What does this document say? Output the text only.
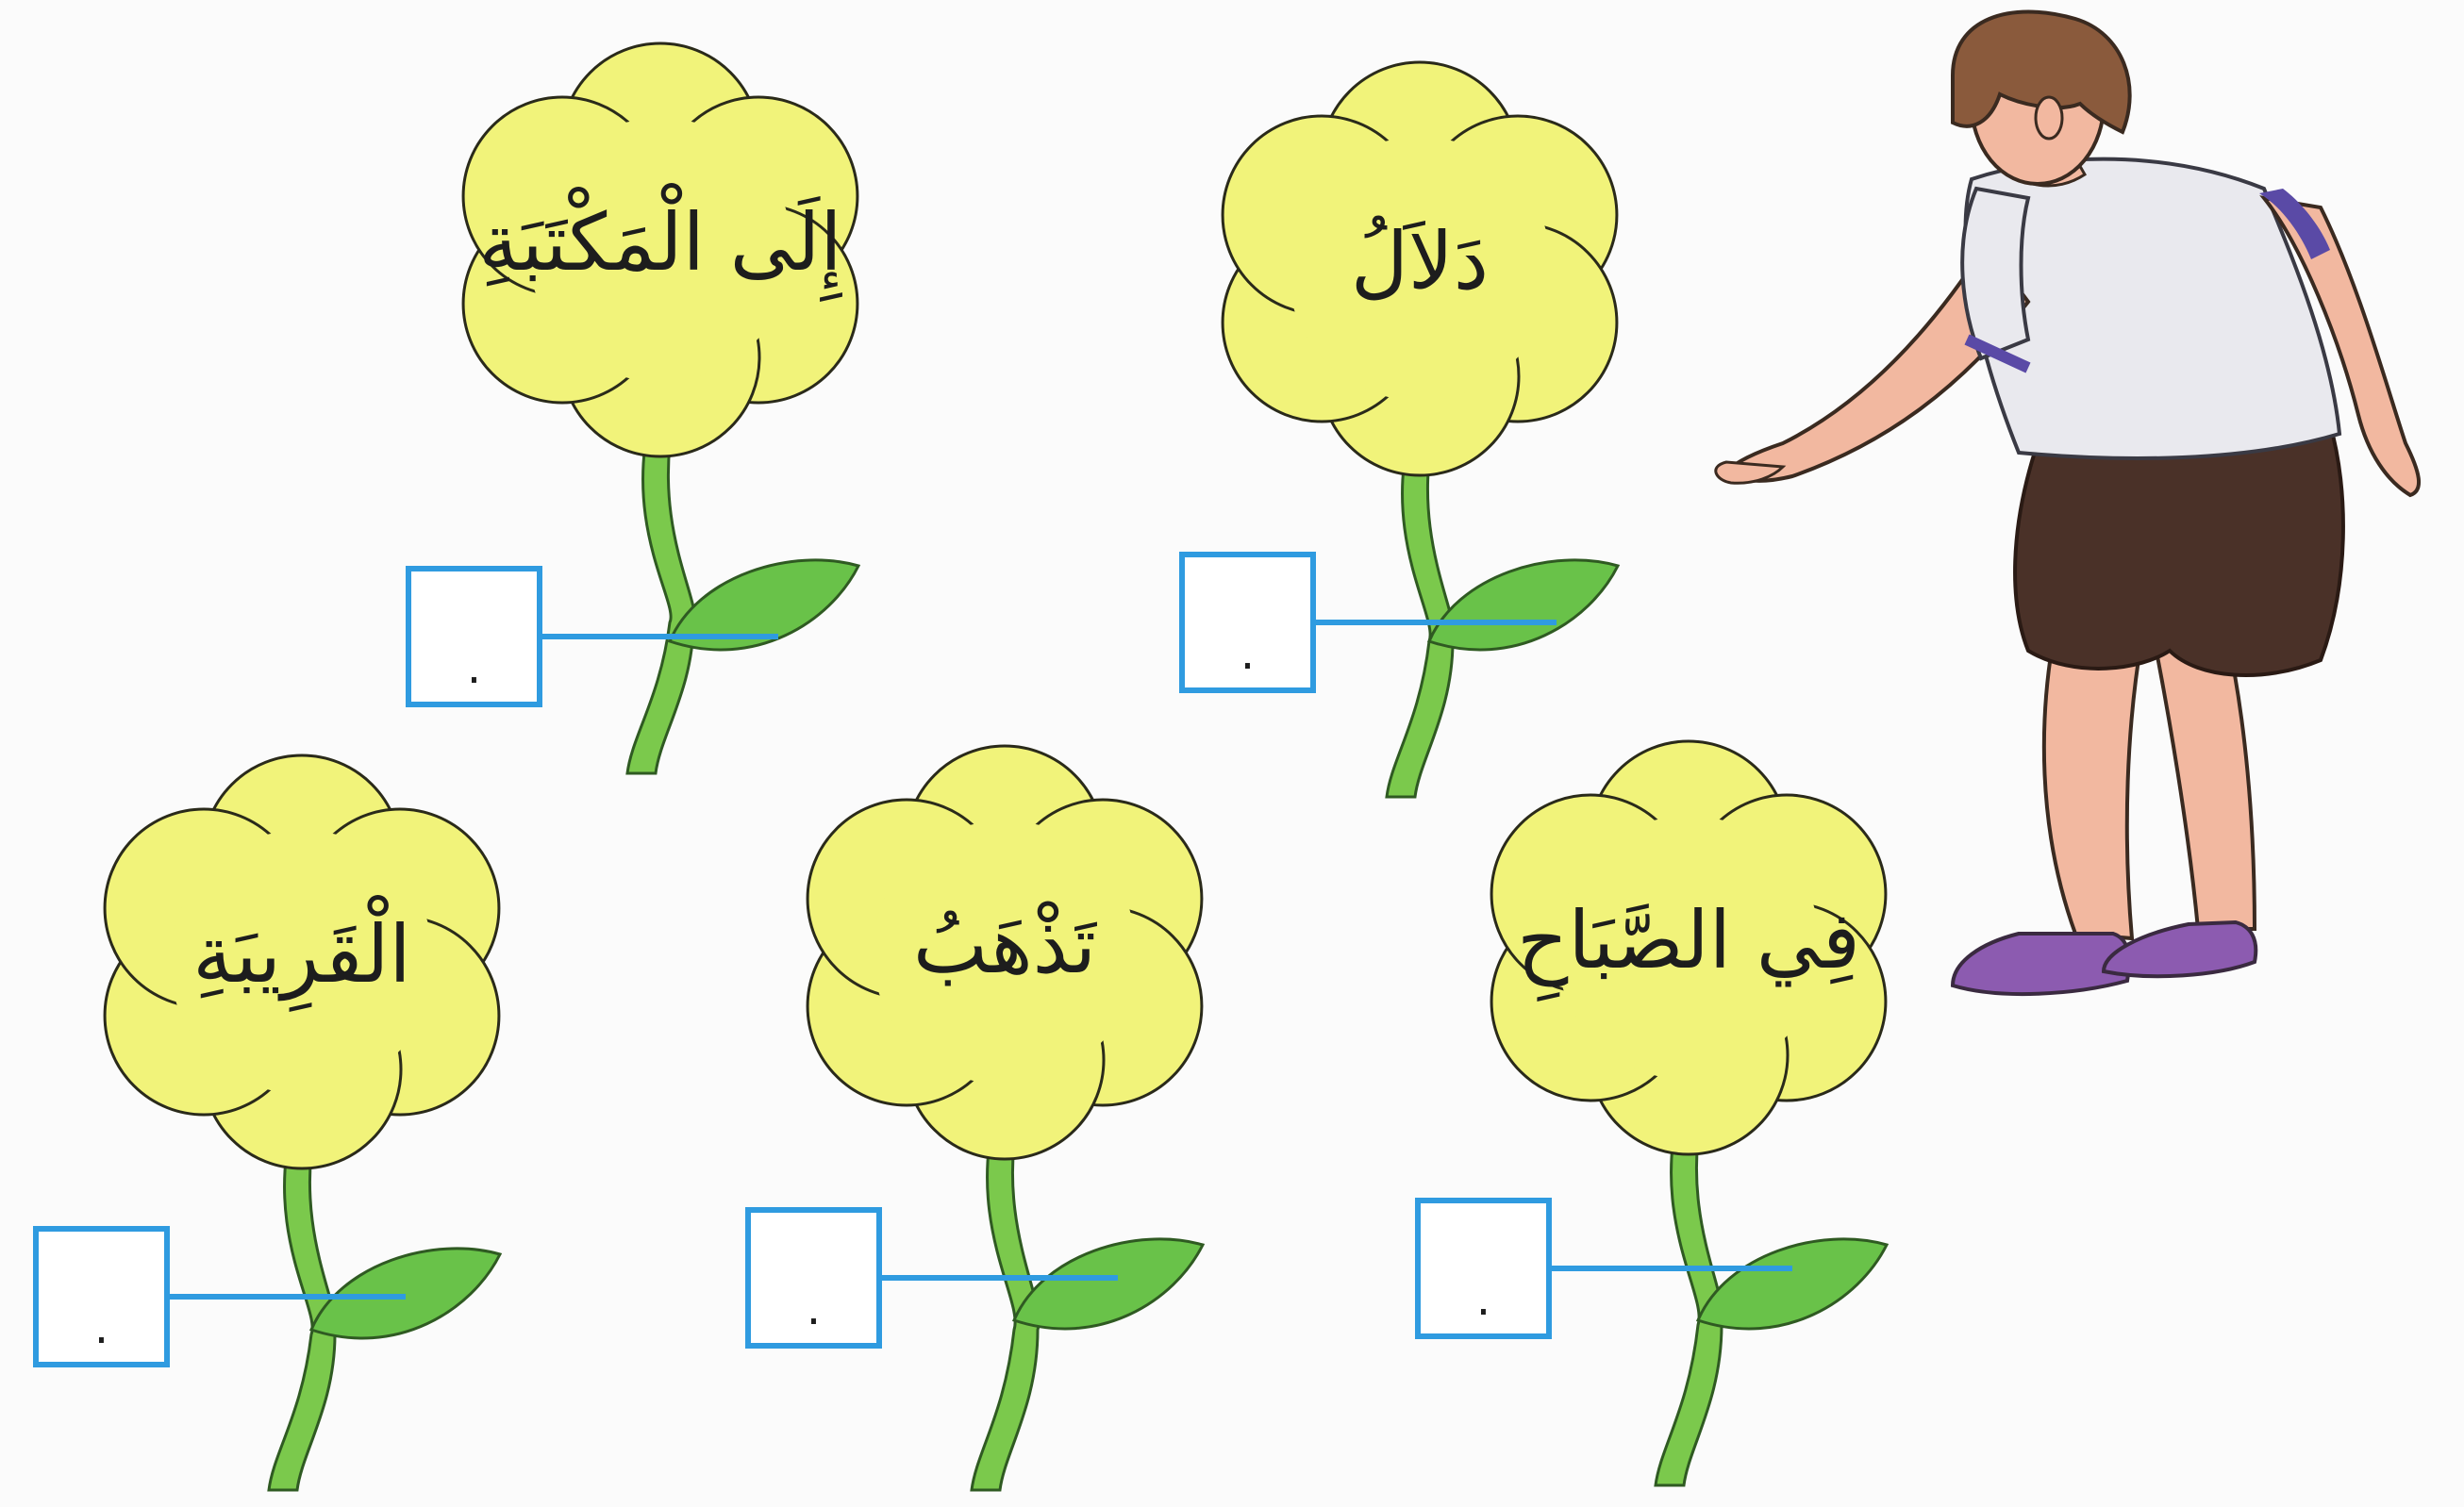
إِلَى الْمَكْتَبَةِ
.
دَلاَلُ
.
الْقَرِيبَةِ
.
تَذْهَبُ
.
فِي الصَّبَاحِ
.
